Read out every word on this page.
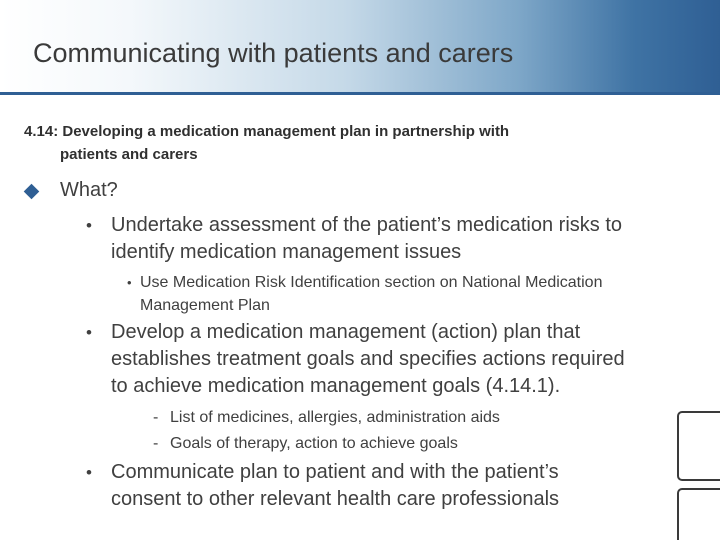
Communicating with patients and carers
4.14: Developing a medication management plan in partnership with
patients and carers
What?
• Undertake assessment of the patient’s medication risks to
identify medication management issues
• Use Medication Risk Identification section on National Medication
Management Plan
• Develop a medication management (action) plan that
establishes treatment goals and specifies actions required
to achieve medication management goals (4.14.1).
- List of medicines, allergies, administration aids
- Goals of therapy, action to achieve goals
• Communicate plan to patient and with the patient’s
consent to other relevant health care professionals
